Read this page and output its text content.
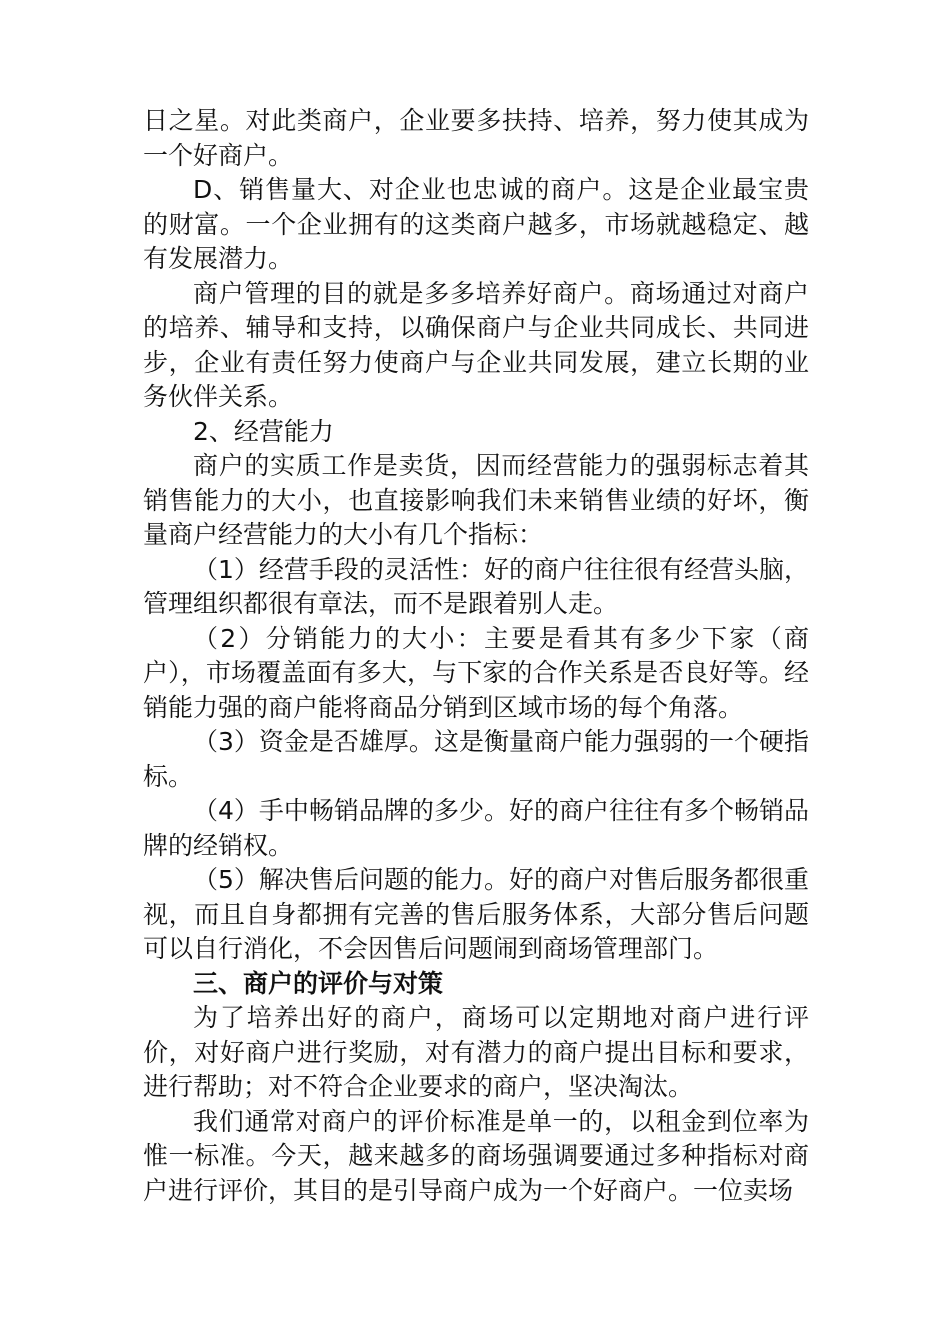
日之星。对此类商户，企业要多扶持、培养，努力使其成为一个好商户。

D、销售量大、对企业也忠诚的商户。这是企业最宝贵的财富。一个企业拥有的这类商户越多，市场就越稳定、越有发展潜力。

商户管理的目的就是多多培养好商户。商场通过对商户的培养、辅导和支持，以确保商户与企业共同成长、共同进步，企业有责任努力使商户与企业共同发展，建立长期的业务伙伴关系。

2、经营能力

商户的实质工作是卖货，因而经营能力的强弱标志着其销售能力的大小，也直接影响我们未来销售业绩的好坏，衡量商户经营能力的大小有几个指标：

（1）经营手段的灵活性：好的商户往往很有经营头脑，管理组织都很有章法，而不是跟着别人走。

（2）分销能力的大小：主要是看其有多少下家（商户），市场覆盖面有多大，与下家的合作关系是否良好等。经销能力强的商户能将商品分销到区域市场的每个角落。

（3）资金是否雄厚。这是衡量商户能力强弱的一个硬指标。

（4）手中畅销品牌的多少。好的商户往往有多个畅销品牌的经销权。

（5）解决售后问题的能力。好的商户对售后服务都很重视，而且自身都拥有完善的售后服务体系，大部分售后问题可以自行消化，不会因售后问题闹到商场管理部门。

三、商户的评价与对策

为了培养出好的商户，商场可以定期地对商户进行评价，对好商户进行奖励，对有潜力的商户提出目标和要求，进行帮助；对不符合企业要求的商户，坚决淘汰。

我们通常对商户的评价标准是单一的，以租金到位率为惟一标准。今天，越来越多的商场强调要通过多种指标对商户进行评价，其目的是引导商户成为一个好商户。一位卖场
